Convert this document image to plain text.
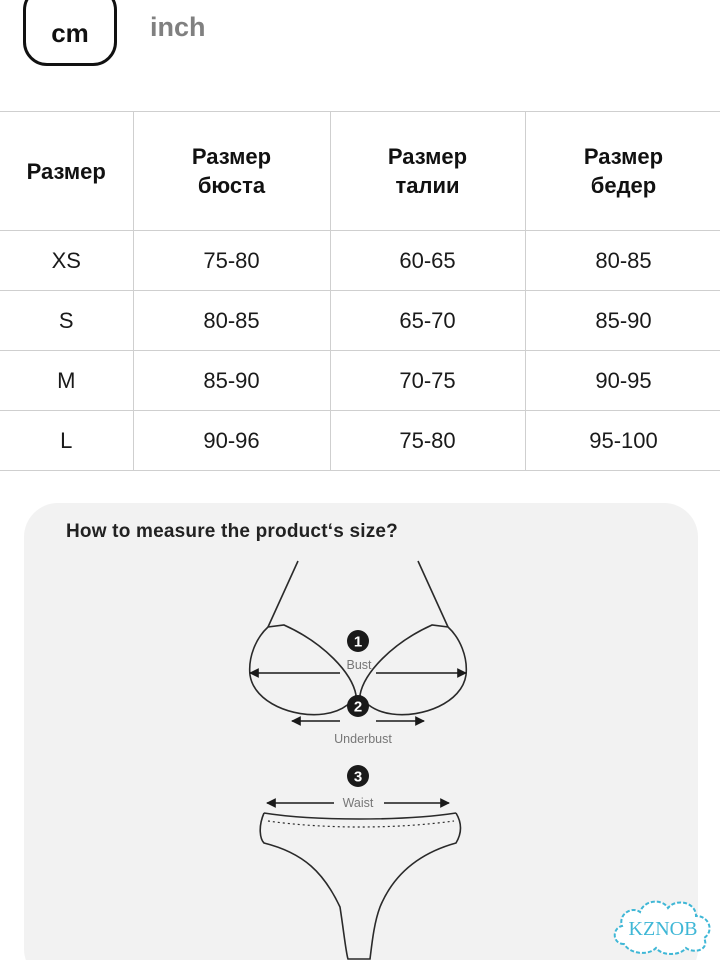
cm	inch
Размер	Размер бюста	Размер талии	Размер бедер
XS	75-80	60-65	80-85
S	80-85	65-70	85-90
M	85-90	70-75	90-95
L	90-96	75-80	95-100
How to measure the product‘s size?
1
Bust
2
Underbust
3
Waist
KZNOB
